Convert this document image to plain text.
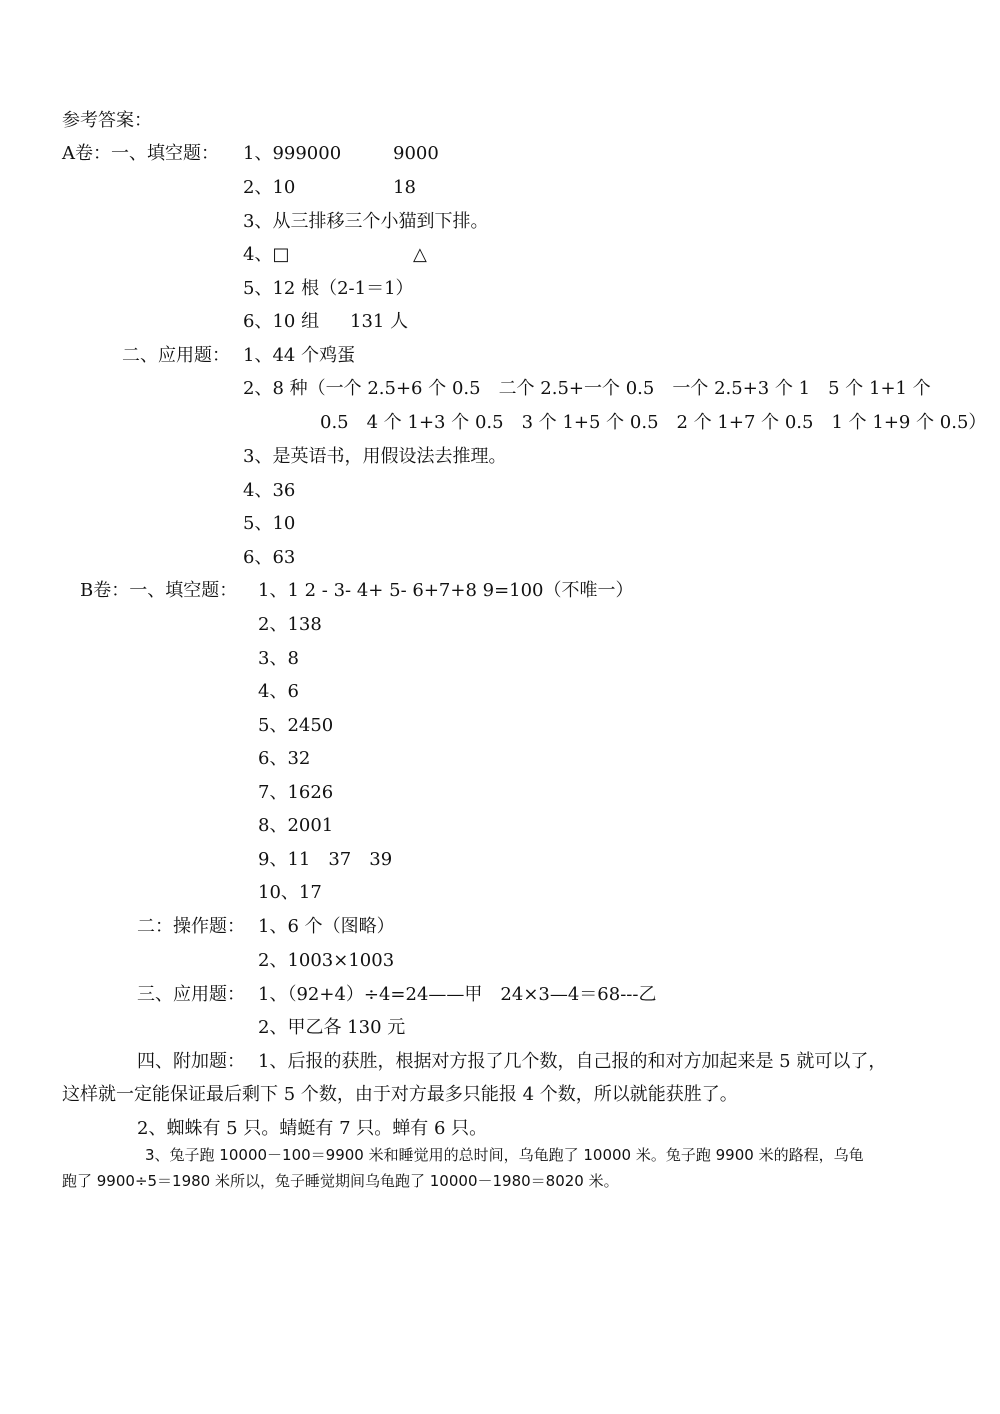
参考答案：
A卷：一、填空题： 1、999000	9000
2、10	18
3、从三排移三个小猫到下排。
4、□	△
5、12 根（2-1＝1）
6、10 组 131 人
二、应用题： 1、44 个鸡蛋
2、8 种（一个 2.5+6 个 0.5　二个 2.5+一个 0.5　一个 2.5+3 个 1　5 个 1+1 个
0.5　4 个 1+3 个 0.5　3 个 1+5 个 0.5　2 个 1+7 个 0.5　1 个 1+9 个 0.5）
3、是英语书，用假设法去推理。
4、36
5、10
6、63
B卷：一、填空题： 1、1 2 - 3- 4+ 5- 6+7+8 9=100（不唯一）
2、138
3、8
4、6
5、2450
6、32
7、1626
8、2001
9、11　37　39
10、17
二：操作题： 1、6 个（图略）
2、1003×1003
三、应用题： 1、（92+4）÷4=24——甲　24×3—4＝68---乙
2、甲乙各 130 元
四、附加题： 1、后报的获胜，根据对方报了几个数，自己报的和对方加起来是 5 就可以了，
这样就一定能保证最后剩下 5 个数，由于对方最多只能报 4 个数，所以就能获胜了。
2、蜘蛛有 5 只。蜻蜓有 7 只。蝉有 6 只。
3、兔子跑 10000－100＝9900 米和睡觉用的总时间，乌龟跑了 10000 米。兔子跑 9900 米的路程，乌龟
跑了 9900÷5＝1980 米所以，兔子睡觉期间乌龟跑了 10000－1980＝8020 米。
